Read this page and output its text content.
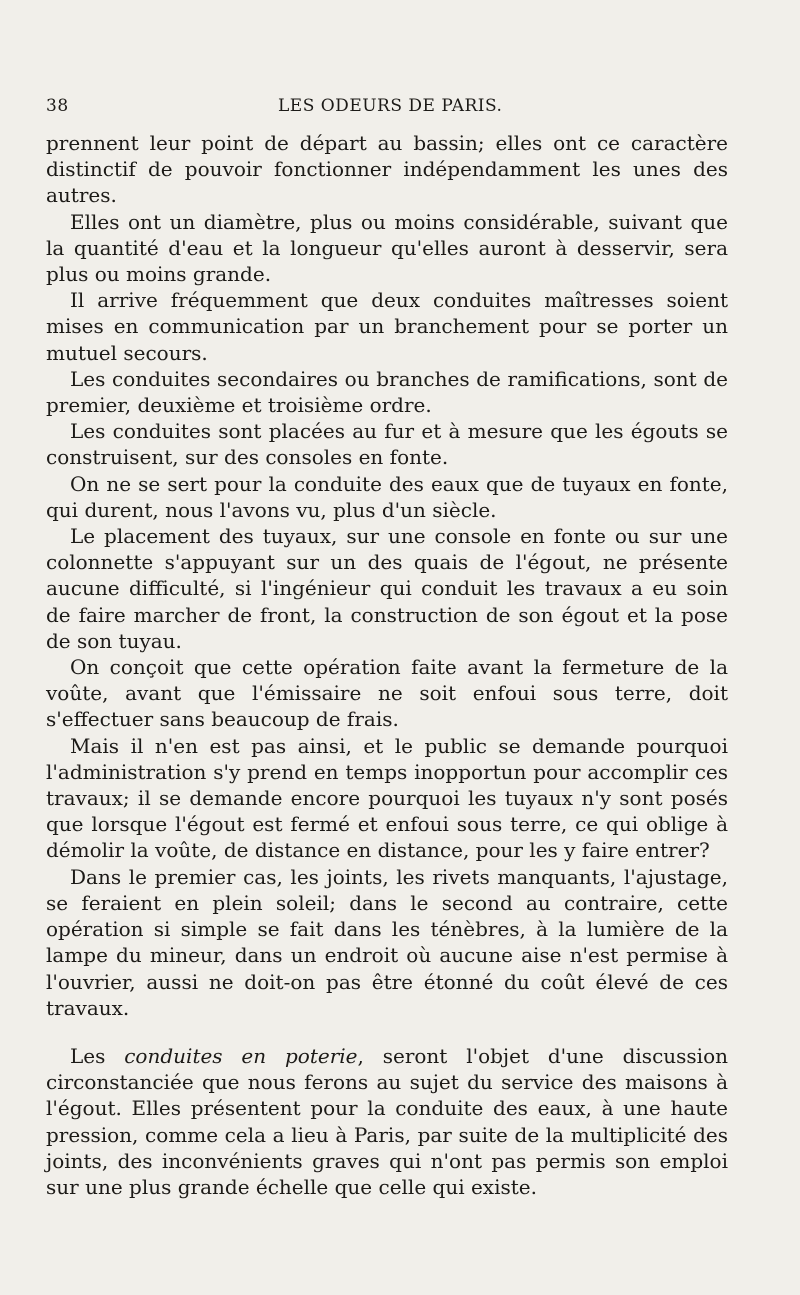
38	LES ODEURS DE PARIS.

prennent leur point de départ au bassin; elles ont ce caractère distinctif de pouvoir fonctionner indépendamment les unes des autres.

Elles ont un diamètre, plus ou moins considérable, suivant que la quantité d'eau et la longueur qu'elles auront à desservir, sera plus ou moins grande.

Il arrive fréquemment que deux conduites maîtresses soient mises en communication par un branchement pour se porter un mutuel secours.

Les conduites secondaires ou branches de ramifications, sont de premier, deuxième et troisième ordre.

Les conduites sont placées au fur et à mesure que les égouts se construisent, sur des consoles en fonte.

On ne se sert pour la conduite des eaux que de tuyaux en fonte, qui durent, nous l'avons vu, plus d'un siècle.

Le placement des tuyaux, sur une console en fonte ou sur une colonnette s'appuyant sur un des quais de l'égout, ne présente aucune difficulté, si l'ingénieur qui conduit les travaux a eu soin de faire marcher de front, la construction de son égout et la pose de son tuyau.

On conçoit que cette opération faite avant la fermeture de la voûte, avant que l'émissaire ne soit enfoui sous terre, doit s'effectuer sans beaucoup de frais.

Mais il n'en est pas ainsi, et le public se demande pourquoi l'administration s'y prend en temps inopportun pour accomplir ces travaux; il se demande encore pourquoi les tuyaux n'y sont posés que lorsque l'égout est fermé et enfoui sous terre, ce qui oblige à démolir la voûte, de distance en distance, pour les y faire entrer?

Dans le premier cas, les joints, les rivets manquants, l'ajustage, se feraient en plein soleil; dans le second au contraire, cette opération si simple se fait dans les ténèbres, à la lumière de la lampe du mineur, dans un endroit où aucune aise n'est permise à l'ouvrier, aussi ne doit-on pas être étonné du coût élevé de ces travaux.

Les conduites en poterie, seront l'objet d'une discussion circonstanciée que nous ferons au sujet du service des maisons à l'égout. Elles présentent pour la conduite des eaux, à une haute pression, comme cela a lieu à Paris, par suite de la multiplicité des joints, des inconvénients graves qui n'ont pas permis son emploi sur une plus grande échelle que celle qui existe.
